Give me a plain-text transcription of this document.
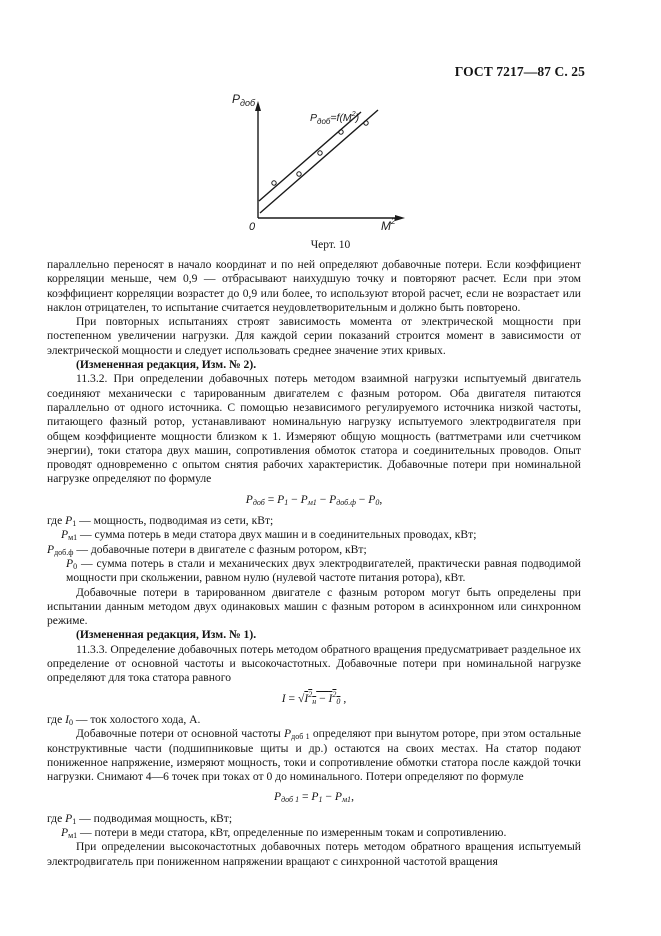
ГОСТ 7217—87 С. 25
$P_{доб}$
$M^2$
0
$P_{доб}=f(M^2)$
Черт. 10

параллельно переносят в начало координат и по ней определяют добавочные потери. Если коэффициент корреляции меньше, чем 0,9 — отбрасывают наихудшую точку и повторяют расчет. Если при этом коэффициент корреляции возрастет до 0,9 или более, то используют второй расчет, если не возрастает или наклон отрицателен, то испытание считается неудовлетворительным и должно быть повторено.

При повторных испытаниях строят зависимость момента от электрической мощности при постепенном увеличении нагрузки. Для каждой серии показаний строится момент в зависимости от электрической мощности и следует использовать среднее значение этих кривых.

(Измененная редакция, Изм. № 2).

11.3.2. При определении добавочных потерь методом взаимной нагрузки испытуемый двигатель соединяют механически с тарированным двигателем с фазным ротором. Оба двигателя питаются параллельно от одного источника. С помощью независимого регулируемого источника низкой частоты, питающего фазный ротор, устанавливают номинальную нагрузку испытуемого электродвигателя при общем коэффициенте мощности близком к 1. Измеряют общую мощность (ваттметрами или счетчиком энергии), токи статора двух машин, сопротивления обмоток статора и соединительных проводов. Опыт проводят одновременно с опытом снятия рабочих характеристик. Добавочные потери при номинальной нагрузке определяют по формуле

$P_{доб} = P_1 - P_{м1} - P_{доб.ф} - P_0$,

где $P_1$ — мощность, подводимая из сети, кВт;

$P_{м1}$ — сумма потерь в меди статора двух машин и в соединительных проводах, кВт;

$P_{доб.ф}$ — добавочные потери в двигателе с фазным ротором, кВт;

$P_0$ — сумма потерь в стали и механических двух электродвигателей, практически равная подводимой мощности при скольжении, равном нулю (нулевой частоте питания ротора), кВт.

Добавочные потери в тарированном двигателе с фазным ротором могут быть определены при испытании данным методом двух одинаковых машин с фазным ротором в асинхронном или синхронном режиме.

(Измененная редакция, Изм. № 1).

11.3.3. Определение добавочных потерь методом обратного вращения предусматривает раздельное их определение от основной частоты и высокочастотных. Добавочные потери при номинальной нагрузке определяют для тока статора равного

$I = √I^2_н - I^2_0$ ,

где $I_0$ — ток холостого хода, А.

Добавочные потери от основной частоты $P_{доб 1}$ определяют при вынутом роторе, при этом остальные конструктивные части (подшипниковые щиты и др.) остаются на своих местах. На статор подают пониженное напряжение, измеряют мощность, токи и сопротивление обмотки статора после каждой точки нагрузки. Снимают 4—6 точек при токах от 0 до номинального. Потери определяют по формуле

$P_{доб 1} = P_1 - P_{м1}$,

где $P_1$ — подводимая мощность, кВт;

$P_{м1}$ — потери в меди статора, кВт, определенные по измеренным токам и сопротивлению.

При определении высокочастотных добавочных потерь методом обратного вращения испытуемый электродвигатель при пониженном напряжении вращают с синхронной частотой вращения
